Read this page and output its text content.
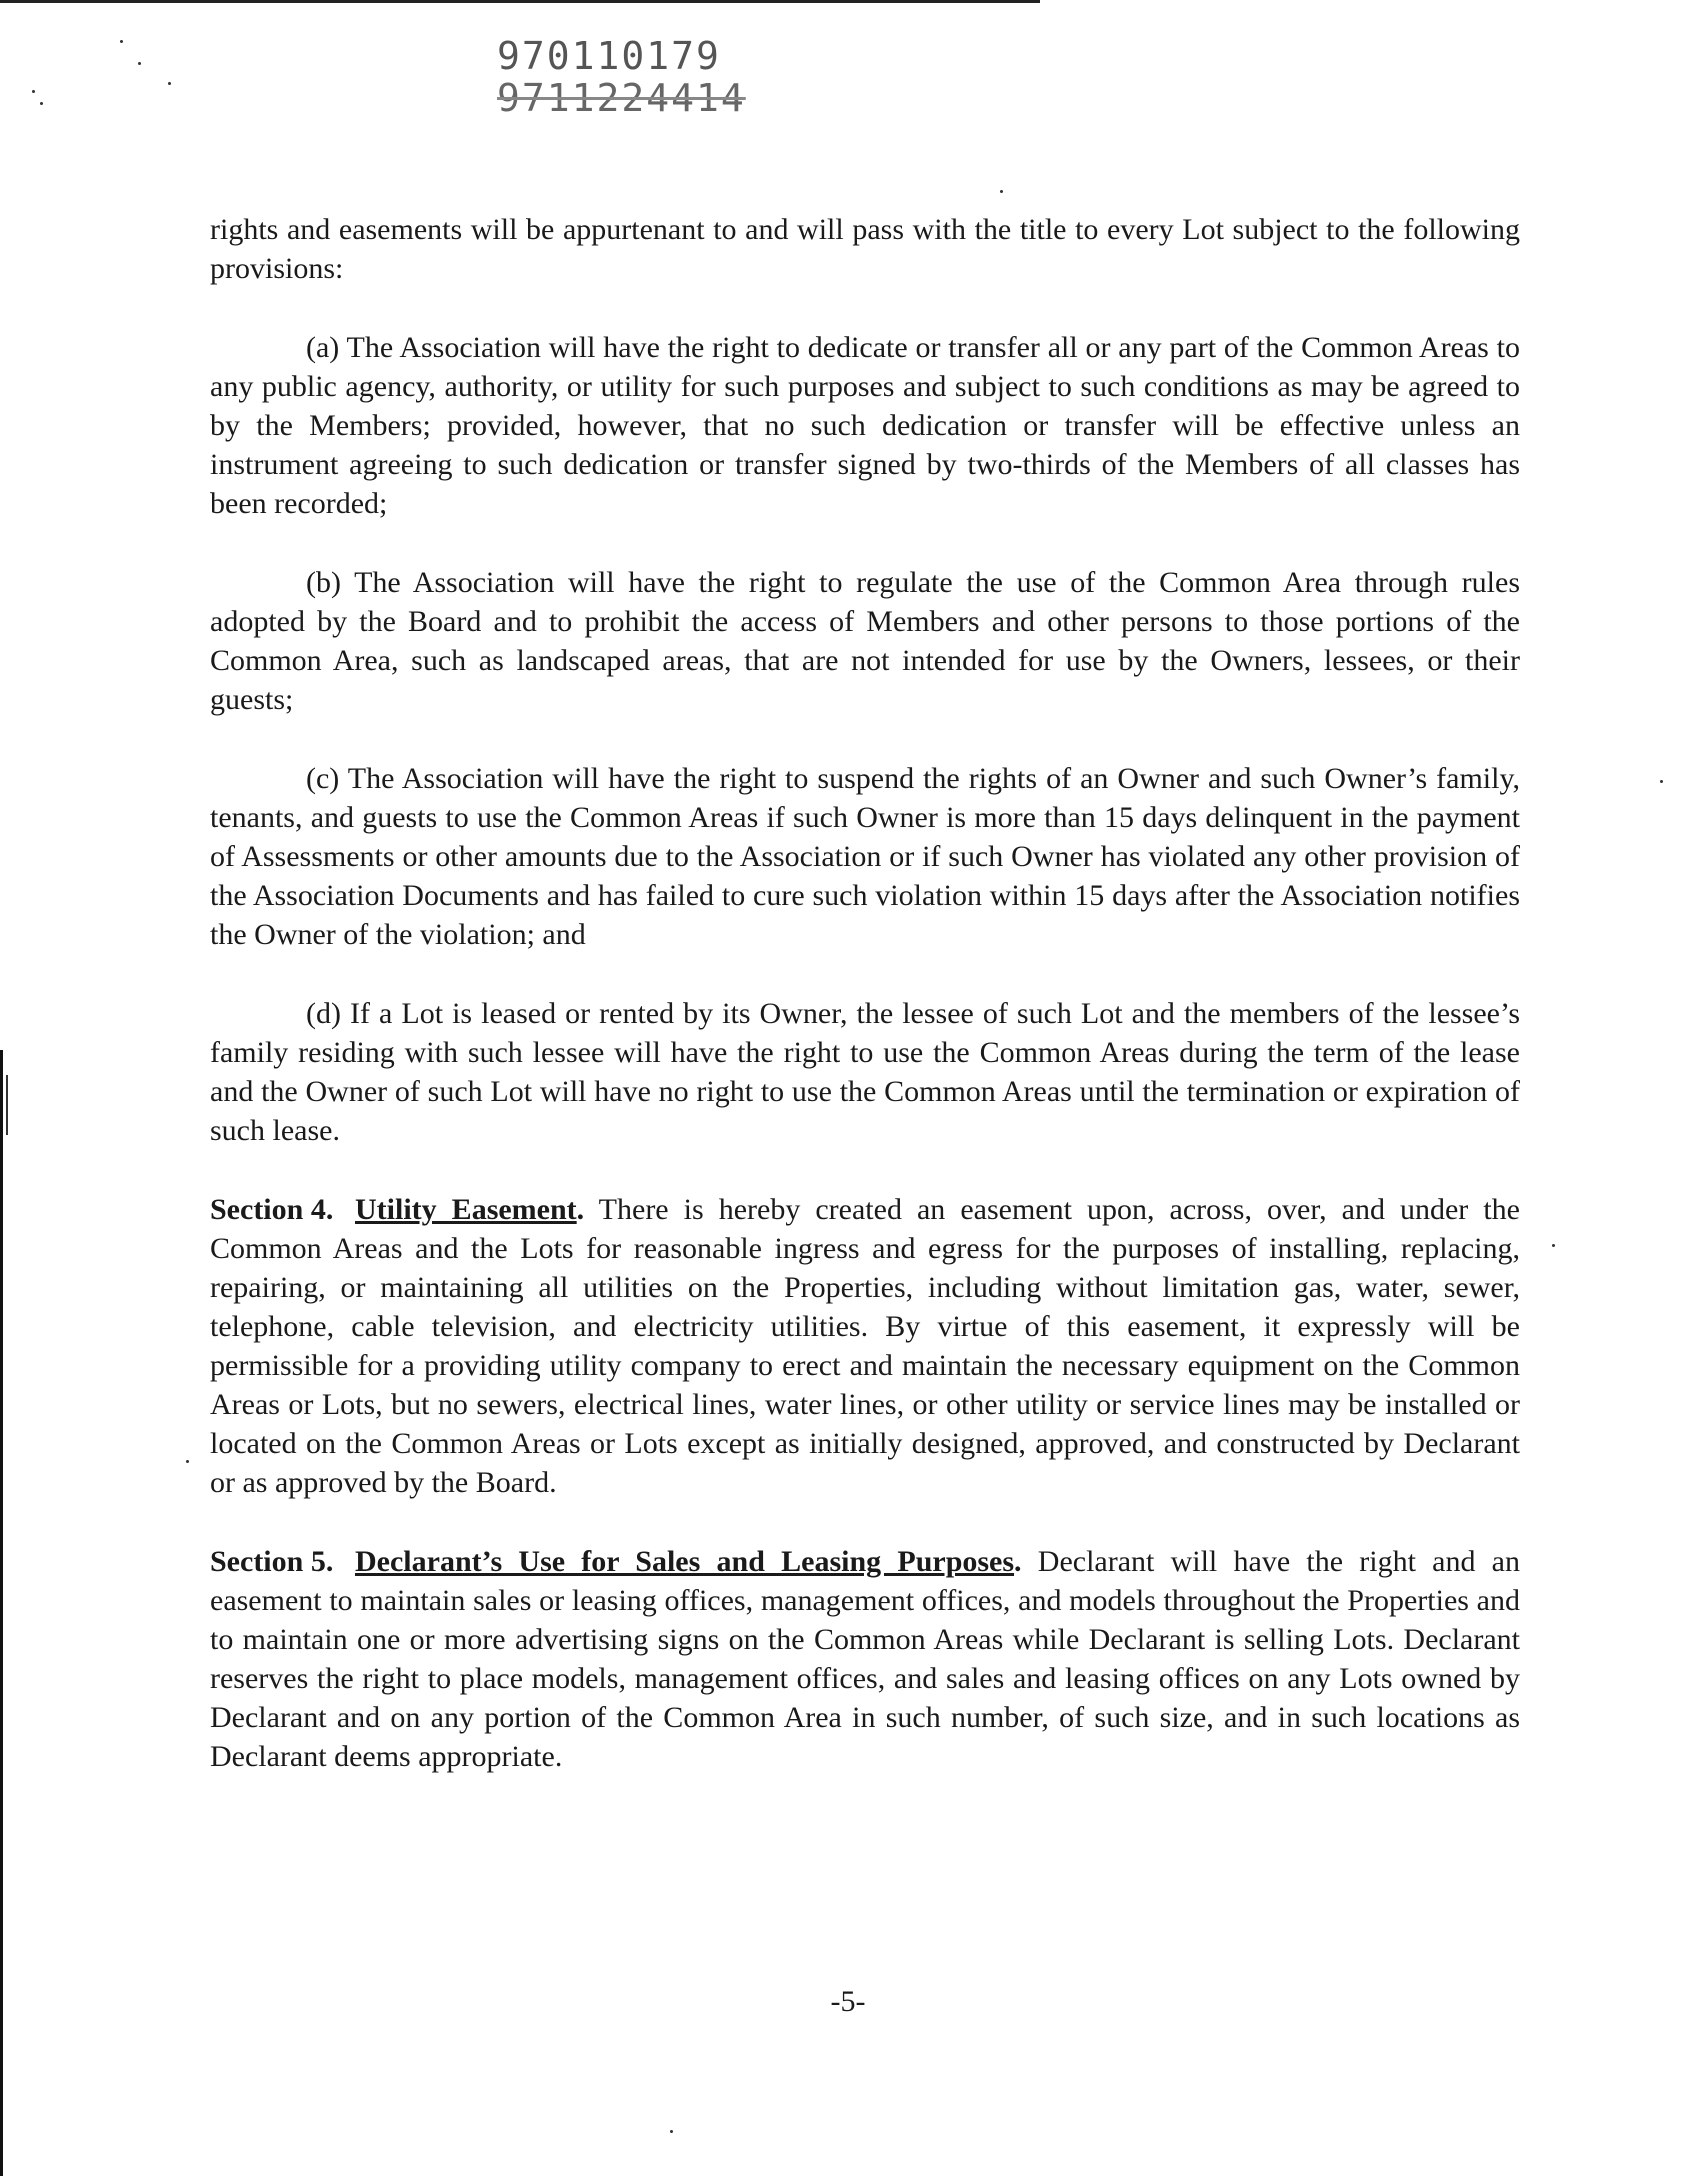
970110179
9711224414

rights and easements will be appurtenant to and will pass with the title to every Lot subject to the following provisions:

(a) The Association will have the right to dedicate or transfer all or any part of the Common Areas to any public agency, authority, or utility for such purposes and subject to such conditions as may be agreed to by the Members; provided, however, that no such dedication or transfer will be effective unless an instrument agreeing to such dedication or transfer signed by two-thirds of the Members of all classes has been recorded;

(b) The Association will have the right to regulate the use of the Common Area through rules adopted by the Board and to prohibit the access of Members and other persons to those portions of the Common Area, such as landscaped areas, that are not intended for use by the Owners, lessees, or their guests;

(c) The Association will have the right to suspend the rights of an Owner and such Owner’s family, tenants, and guests to use the Common Areas if such Owner is more than 15 days delinquent in the payment of Assessments or other amounts due to the Association or if such Owner has violated any other provision of the Association Documents and has failed to cure such violation within 15 days after the Association notifies the Owner of the violation; and

(d) If a Lot is leased or rented by its Owner, the lessee of such Lot and the members of the lessee’s family residing with such lessee will have the right to use the Common Areas during the term of the lease and the Owner of such Lot will have no right to use the Common Areas until the termination or expiration of such lease.

Section 4. Utility Easement. There is hereby created an easement upon, across, over, and under the Common Areas and the Lots for reasonable ingress and egress for the purposes of installing, replacing, repairing, or maintaining all utilities on the Properties, including without limitation gas, water, sewer, telephone, cable television, and electricity utilities. By virtue of this easement, it expressly will be permissible for a providing utility company to erect and maintain the necessary equipment on the Common Areas or Lots, but no sewers, electrical lines, water lines, or other utility or service lines may be installed or located on the Common Areas or Lots except as initially designed, approved, and constructed by Declarant or as approved by the Board.

Section 5. Declarant’s Use for Sales and Leasing Purposes. Declarant will have the right and an easement to maintain sales or leasing offices, management offices, and models throughout the Properties and to maintain one or more advertising signs on the Common Areas while Declarant is selling Lots. Declarant reserves the right to place models, management offices, and sales and leasing offices on any Lots owned by Declarant and on any portion of the Common Area in such number, of such size, and in such locations as Declarant deems appropriate.

-5-
